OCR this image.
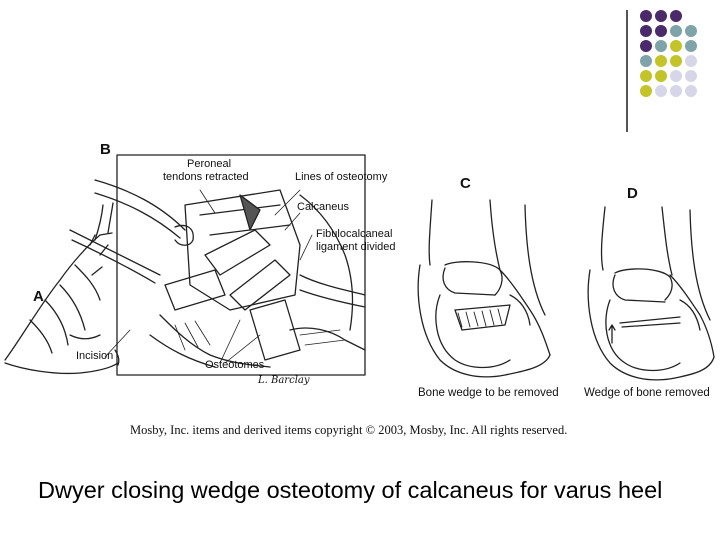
B
A
C
D
Peroneal
tendons retracted	Lines of osteotomy
Calcaneus
Fibulocalcaneal
ligament divided
Incision
Osteotomes
Bone wedge to be removed Wedge of bone removed
L. Barclay
Mosby, Inc. items and derived items copyright © 2003, Mosby, Inc. All rights reserved.
Dwyer closing wedge osteotomy of calcaneus for varus heel
